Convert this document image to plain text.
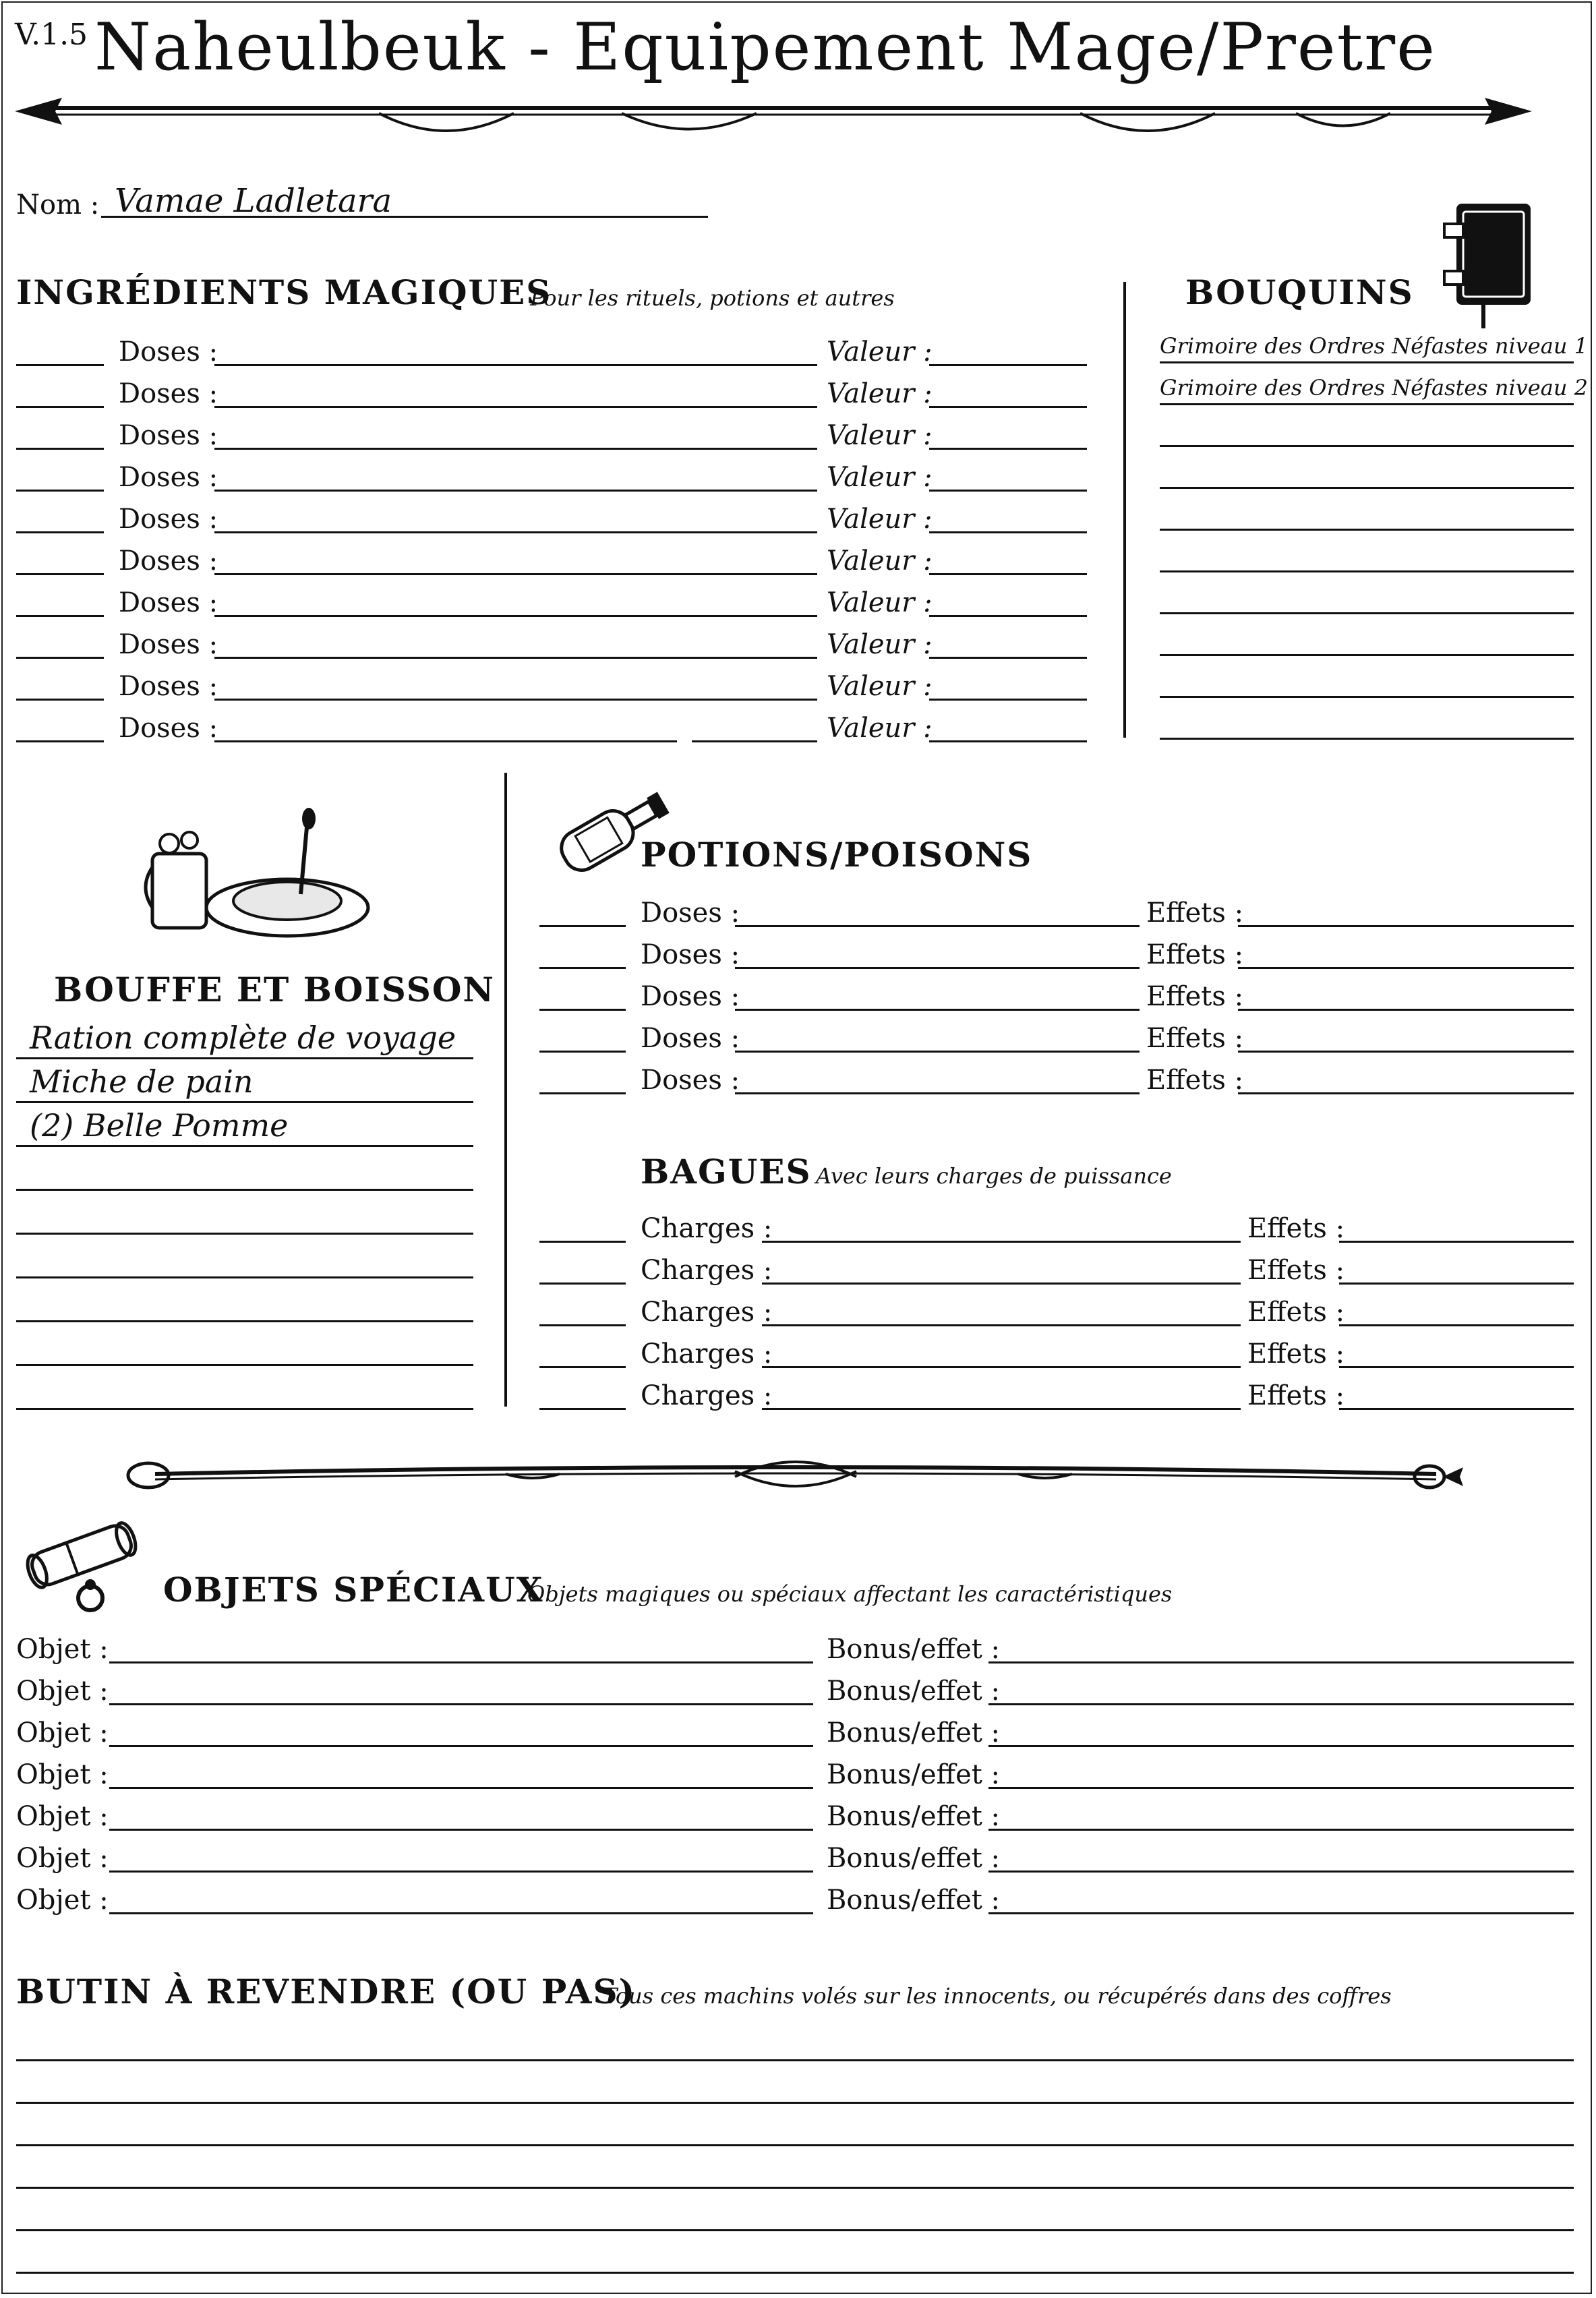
V.1.5 Naheulbeuk - Equipement Mage/Pretre
Nom : Vamae Ladletara
INGRÉDIENTS MAGIQUES
Pour les rituels, potions et autres
Doses :	Valeur :
Doses :	Valeur :
Doses :	Valeur :
Doses :	Valeur :
Doses :	Valeur :
Doses :	Valeur :
Doses :	Valeur :
Doses :	Valeur :
Doses :	Valeur :
Doses :	Valeur :
BOUQUINS
Grimoire des Ordres Néfastes niveau 1
Grimoire des Ordres Néfastes niveau 2
BOUFFE ET BOISSON
Ration complète de voyage
Miche de pain
(2) Belle Pomme
POTIONS/POISONS
Doses :	Effets :
Doses :	Effets :
Doses :	Effets :
Doses :	Effets :
Doses :	Effets :
BAGUES Avec leurs charges de puissance
Charges :	Effets :
Charges :	Effets :
Charges :	Effets :
Charges :	Effets :
Charges :	Effets :
OBJETS SPÉCIAUX
Objets magiques ou spéciaux affectant les caractéristiques
Objet :	Bonus/effet :
Objet :	Bonus/effet :
Objet :	Bonus/effet :
Objet :	Bonus/effet :
Objet :	Bonus/effet :
Objet :	Bonus/effet :
Objet :	Bonus/effet :
BUTIN À REVENDRE (OU PAS)
Tous ces machins volés sur les innocents, ou récupérés dans des coffres
